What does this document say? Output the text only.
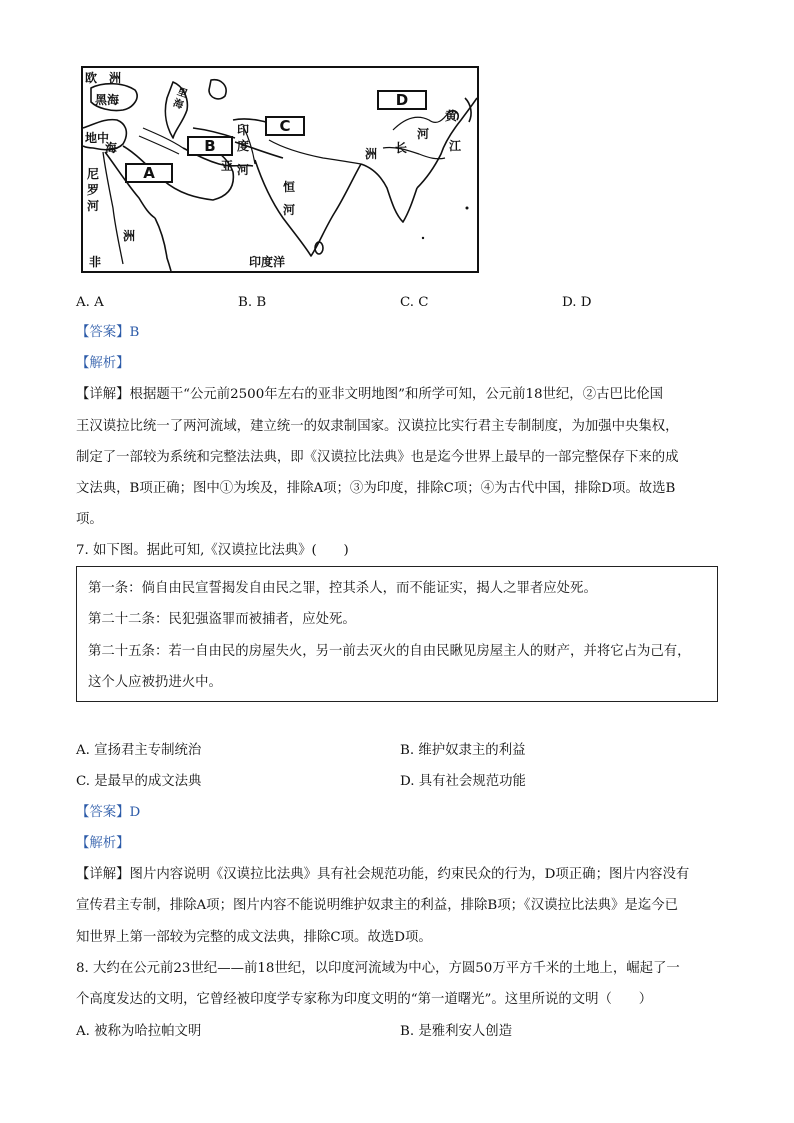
欧 洲
黑海	里海
地中
海
尼罗河
印度
河
亚
恒河
洲 长
河
黄
江
洲
非	印度洋
A
B
C
D
A. A	B. B	C. C	D. D
【答案】B
【解析】
【详解】根据题干“公元前2500年左右的亚非文明地图”和所学可知，公元前18世纪，②古巴比伦国
王汉谟拉比统一了两河流域，建立统一的奴隶制国家。汉谟拉比实行君主专制制度，为加强中央集权，
制定了一部较为系统和完整法法典，即《汉谟拉比法典》也是迄今世界上最早的一部完整保存下来的成
文法典，B项正确；图中①为埃及，排除A项；③为印度，排除C项；④为古代中国，排除D项。故选B
项。
7. 如下图。据此可知,《汉谟拉比法典》(　　)
第一条：倘自由民宣誓揭发自由民之罪，控其杀人，而不能证实，揭人之罪者应处死。
第二十二条：民犯强盗罪而被捕者，应处死。
第二十五条：若一自由民的房屋失火，另一前去灭火的自由民瞅见房屋主人的财产，并将它占为己有，
这个人应被扔进火中。
A. 宣扬君主专制统治	B. 维护奴隶主的利益
C. 是最早的成文法典	D. 具有社会规范功能
【答案】D
【解析】
【详解】图片内容说明《汉谟拉比法典》具有社会规范功能，约束民众的行为，D项正确；图片内容没有
宣传君主专制，排除A项；图片内容不能说明维护奴隶主的利益，排除B项；《汉谟拉比法典》是迄今已
知世界上第一部较为完整的成文法典，排除C项。故选D项。
8. 大约在公元前23世纪——前18世纪，以印度河流域为中心，方圆50万平方千米的土地上，崛起了一
个高度发达的文明，它曾经被印度学专家称为印度文明的“第一道曙光”。这里所说的文明（　　）
A. 被称为哈拉帕文明	B. 是雅利安人创造
